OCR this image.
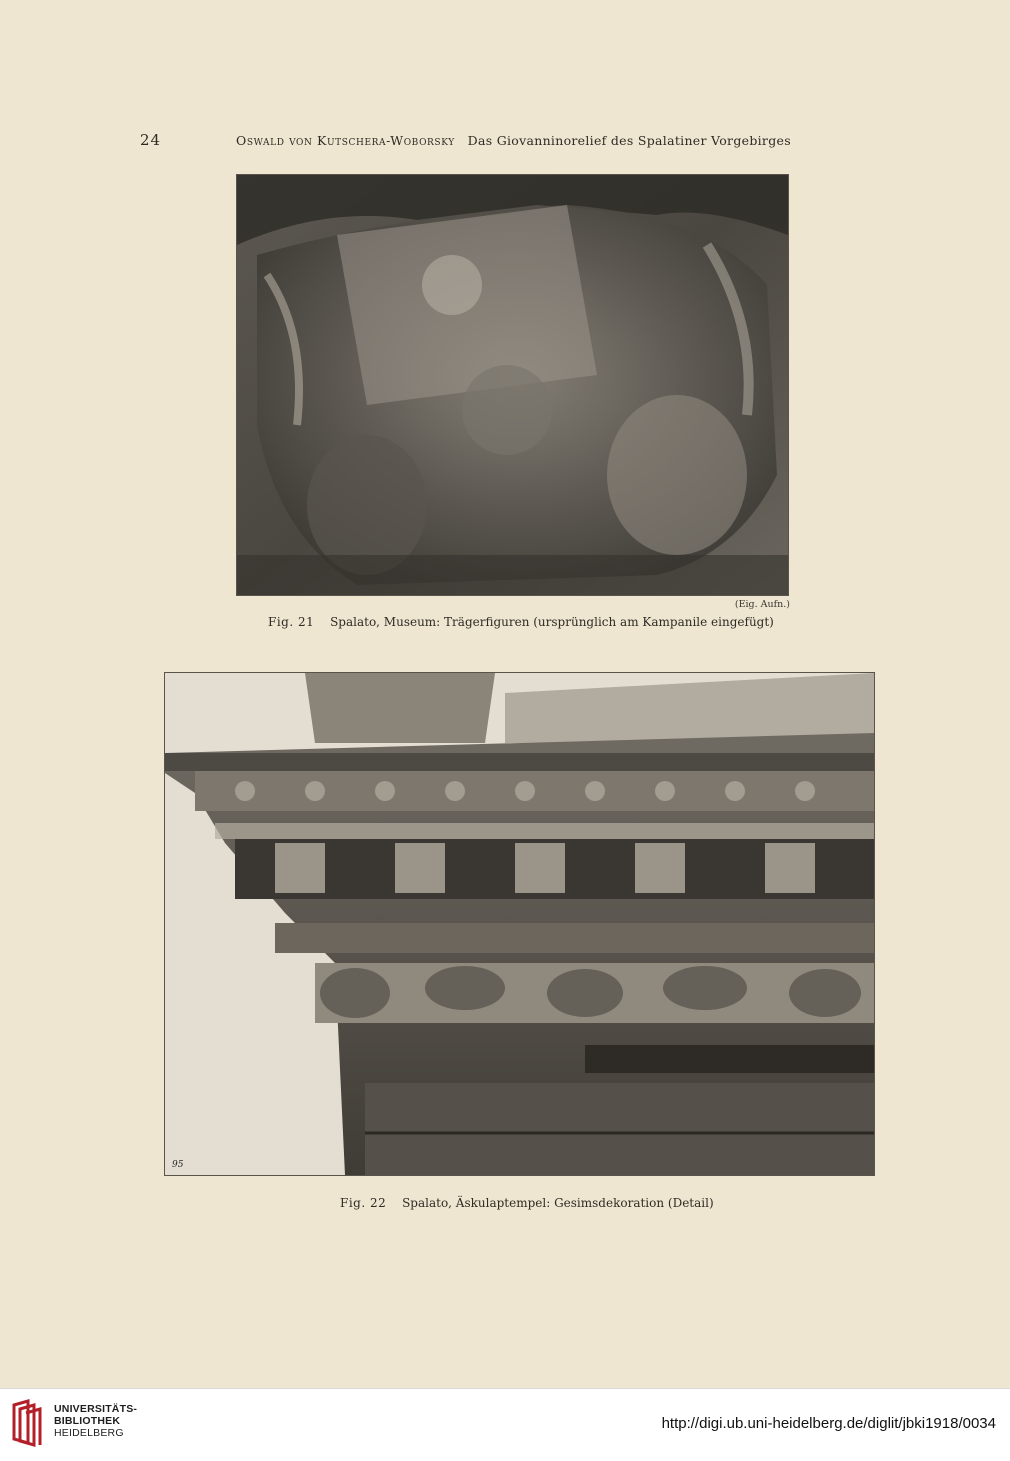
24	Oswald von Kutschera-Woborsky Das Giovanninorelief des Spalatiner Vorgebirges
(Eig. Aufn.)
Fig. 21 Spalato, Museum: Trägerfiguren (ursprünglich am Kampanile eingefügt)
95
Fig. 22 Spalato, Äskulaptempel: Gesimsdekoration (Detail)
UNIVERSITÄTS-
BIBLIOTHEK
HEIDELBERG
http://digi.ub.uni-heidelberg.de/diglit/jbki1918/0034
